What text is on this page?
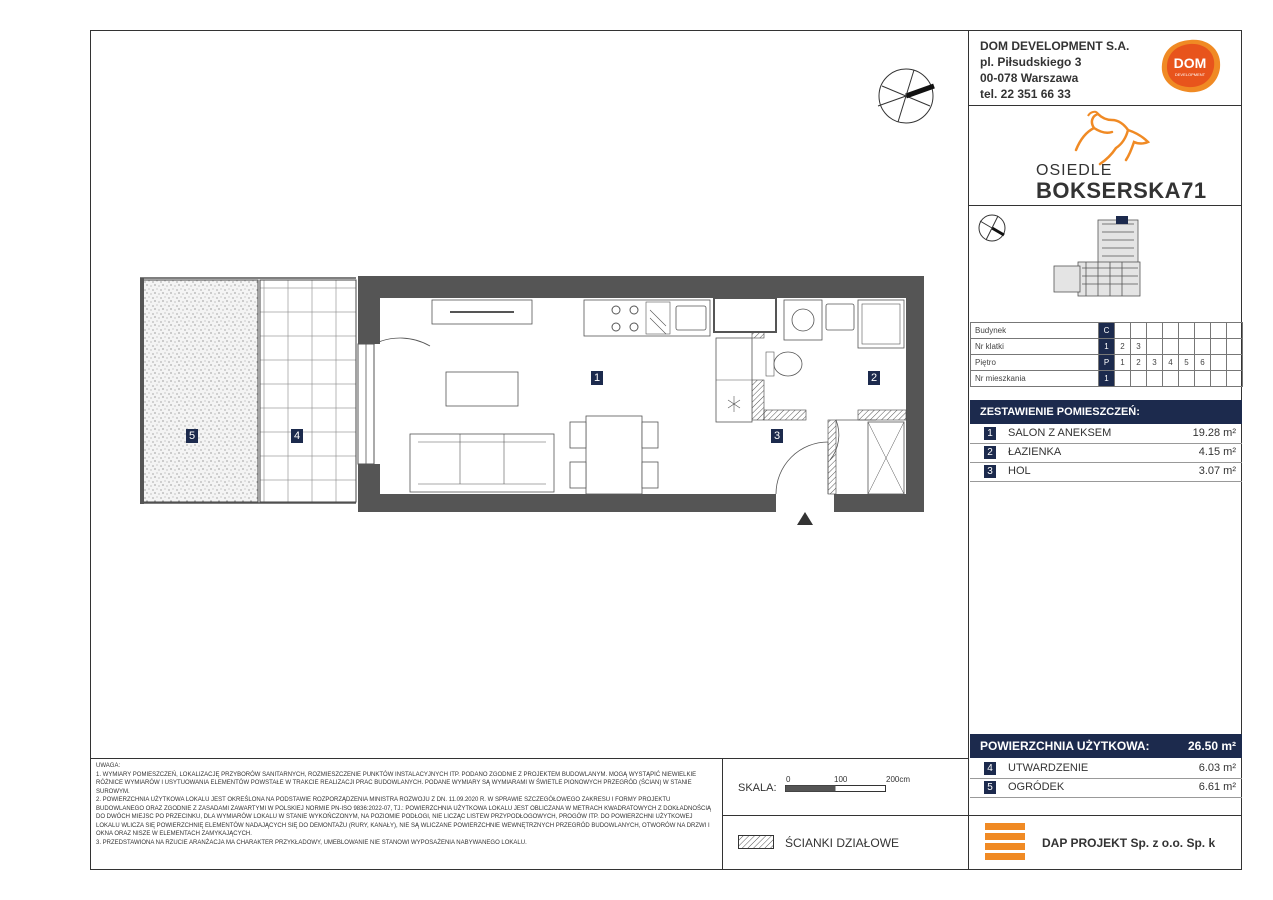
DOM DEVELOPMENT S.A.
pl. Piłsudskiego 3
00-078 Warszawa
tel. 22 351 66 33
DOM
DEVELOPMENT
OSIEDLE
BOKSERSKA71
Budynek	C								
Nr klatki	1	2	3						
Piętro	P	1	2	3	4	5	6		
Nr mieszkania	1								
ZESTAWIENIE POMIESZCZEŃ:
1 SALON Z ANEKSEM	19.28 m²
2 ŁAZIENKA	4.15 m²
3 HOL	3.07 m²
POWIERZCHNIA UŻYTKOWA:	26.50 m²
4 UTWARDZENIE	6.03 m²
5 OGRÓDEK	6.61 m²
DAP PROJEKT Sp. z o.o. Sp. k
UWAGA:
1. WYMIARY POMIESZCZEŃ, LOKALIZACJĘ PRZYBORÓW SANITARNYCH, ROZMIESZCZENIE PUNKTÓW INSTALACYJNYCH ITP. PODANO ZGODNIE Z PROJEKTEM BUDOWLANYM. MOGĄ WYSTĄPIĆ NIEWIELKIE RÓŻNICE WYMIARÓW I USYTUOWANIA ELEMENTÓW POWSTAŁE W TRAKCIE REALIZACJI PRAC BUDOWLANYCH. PODANE WYMIARY SĄ WYMIARAMI W ŚWIETLE PIONOWYCH PRZEGRÓD (ŚCIAN) W STANIE SUROWYM.
2. POWIERZCHNIA UŻYTKOWA LOKALU JEST OKREŚLONA NA PODSTAWIE ROZPORZĄDZENIA MINISTRA ROZWOJU Z DN. 11.09.2020 R. W SPRAWIE SZCZEGÓŁOWEGO ZAKRESU I FORMY PROJEKTU BUDOWLANEGO ORAZ ZGODNIE Z ZASADAMI ZAWARTYMI W POLSKIEJ NORMIE PN-ISO 9836:2022-07, TJ.: POWIERZCHNIA UŻYTKOWA LOKALU JEST OBLICZANA W METRACH KWADRATOWYCH Z DOKŁADNOŚCIĄ DO DWÓCH MIEJSC PO PRZECINKU, DLA WYMIARÓW LOKALU W STANIE WYKOŃCZONYM, NA POZIOMIE PODŁOGI, NIE LICZĄC LISTEW PRZYPODŁOGOWYCH, PROGÓW ITP. DO POWIERZCHNI UŻYTKOWEJ LOKALU WLICZA SIĘ POWIERZCHNIĘ ELEMENTÓW NADAJĄCYCH SIĘ DO DEMONTAŻU (RURY, KANAŁY), NIE SĄ WLICZANE POWIERZCHNIE WEWNĘTRZNYCH PRZEGRÓD BUDOWLANYCH, OTWORÓW NA DRZWI I OKNA ORAZ NISZE W ELEMENTACH ZAMYKAJĄCYCH.
3. PRZEDSTAWIONA NA RZUCIE ARANŻACJA MA CHARAKTER PRZYKŁADOWY, UMEBLOWANIE NIE STANOWI WYPOSAŻENIA NABYWANEGO LOKALU.
SKALA:
0	100	200cm
ŚCIANKI DZIAŁOWE
1	2
3
4
5
